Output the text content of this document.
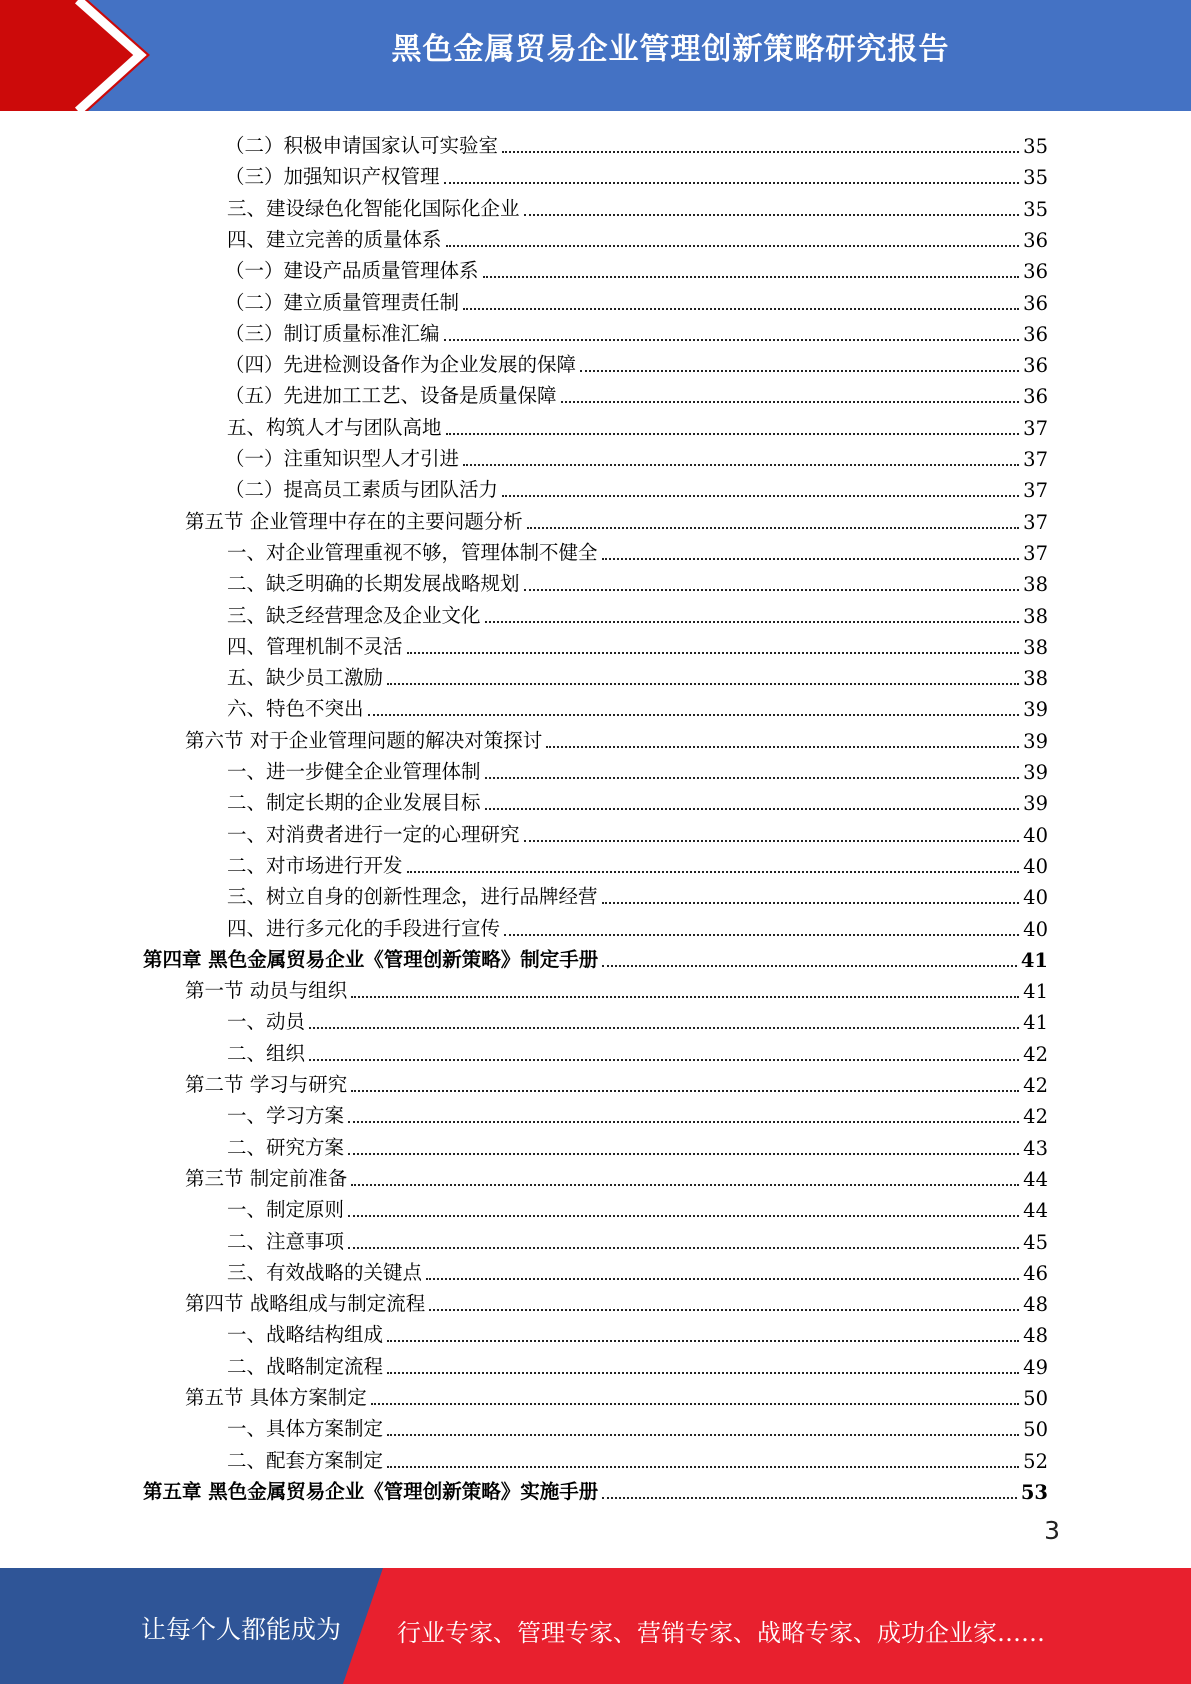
黑色金属贸易企业管理创新策略研究报告
（二）积极申请国家认可实验室	35
（三）加强知识产权管理	35
三、建设绿色化智能化国际化企业	35
四、建立完善的质量体系	36
（一）建设产品质量管理体系	36
（二）建立质量管理责任制	36
（三）制订质量标准汇编	36
（四）先进检测设备作为企业发展的保障	36
（五）先进加工工艺、设备是质量保障	36
五、构筑人才与团队高地	37
（一）注重知识型人才引进	37
（二）提高员工素质与团队活力	37
第五节 企业管理中存在的主要问题分析	37
一、对企业管理重视不够，管理体制不健全	37
二、缺乏明确的长期发展战略规划	38
三、缺乏经营理念及企业文化	38
四、管理机制不灵活	38
五、缺少员工激励	38
六、特色不突出	39
第六节 对于企业管理问题的解决对策探讨	39
一、进一步健全企业管理体制	39
二、制定长期的企业发展目标	39
一、对消费者进行一定的心理研究	40
二、对市场进行开发	40
三、树立自身的创新性理念，进行品牌经营	40
四、进行多元化的手段进行宣传	40
第四章 黑色金属贸易企业《管理创新策略》制定手册	41
第一节 动员与组织	41
一、动员	41
二、组织	42
第二节 学习与研究	42
一、学习方案	42
二、研究方案	43
第三节 制定前准备	44
一、制定原则	44
二、注意事项	45
三、有效战略的关键点	46
第四节 战略组成与制定流程	48
一、战略结构组成	48
二、战略制定流程	49
第五节 具体方案制定	50
一、具体方案制定	50
二、配套方案制定	52
第五章 黑色金属贸易企业《管理创新策略》实施手册	53
3
让每个人都能成为 行业专家、管理专家、营销专家、战略专家、成功企业家……
